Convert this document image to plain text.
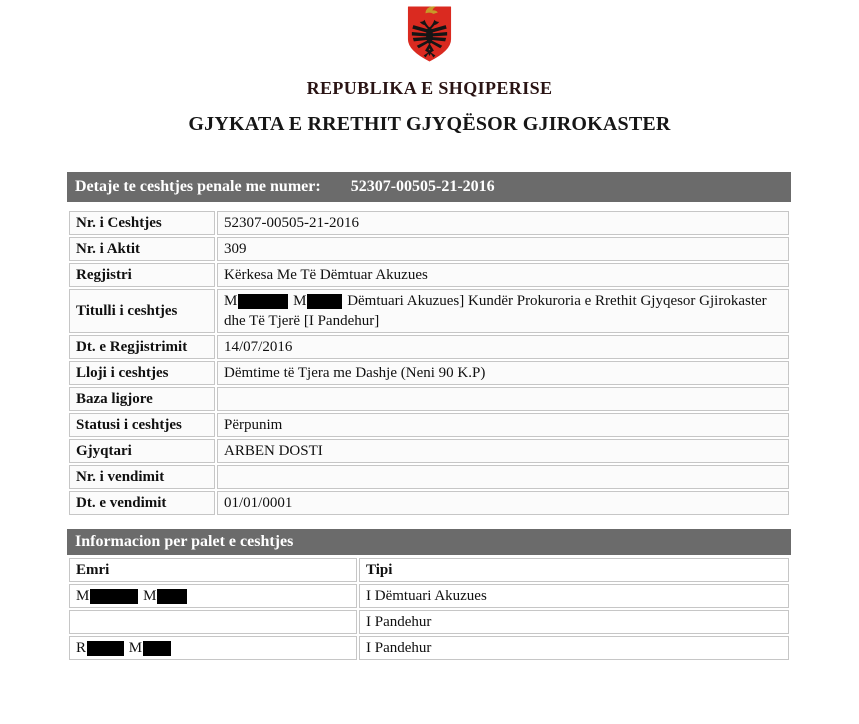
REPUBLIKA E SHQIPERISE
GJYKATA E RRETHIT GJYQËSOR GJIROKASTER
Detaje te ceshtjes penale me numer: 52307-00505-21-2016
Nr. i Ceshtjes	52307-00505-21-2016
Nr. i Aktit	309
Regjistri	Kërkesa Me Të Dëmtuar Akuzues
Titulli i ceshtjes	M M Dëmtuari Akuzues] Kundër Prokuroria e Rrethit Gjyqesor Gjirokaster dhe Të Tjerë [I Pandehur]
Dt. e Regjistrimit	14/07/2016
Lloji i ceshtjes	Dëmtime të Tjera me Dashje (Neni 90 K.P)
Baza ligjore	
Statusi i ceshtjes	Përpunim
Gjyqtari	ARBEN DOSTI
Nr. i vendimit	
Dt. e vendimit	01/01/0001
Informacion per palet e ceshtjes
Emri	Tipi
M M	I Dëmtuari Akuzues
	I Pandehur
R M	I Pandehur
